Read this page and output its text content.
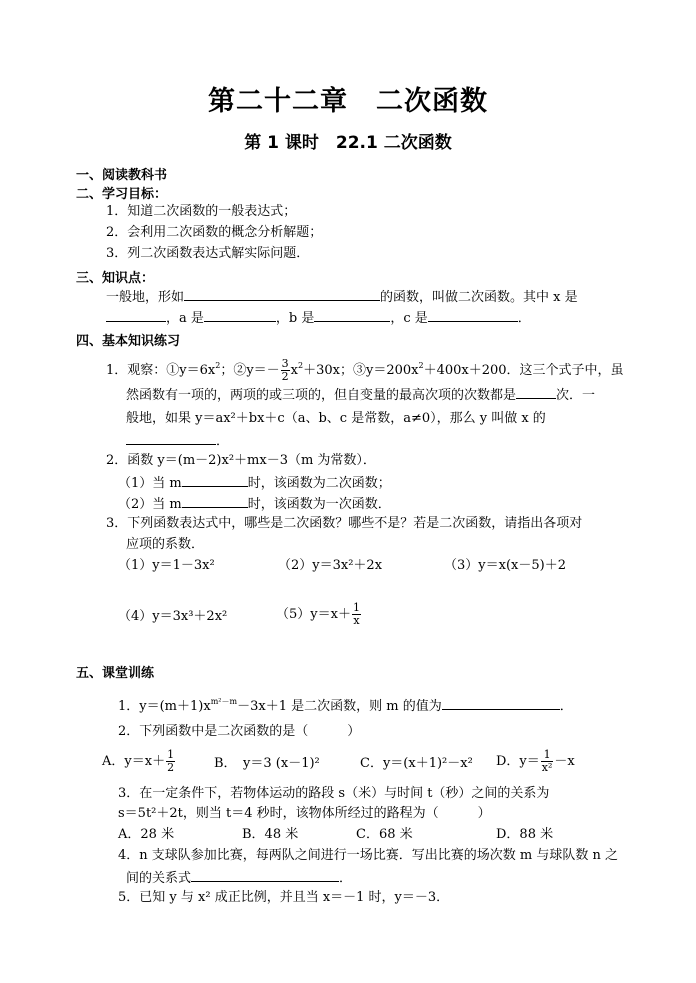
第二十二章　二次函数
第 1 课时　22.1 二次函数
一、阅读教科书
二、学习目标：
1．知道二次函数的一般表达式；
2．会利用二次函数的概念分析解题；
3．列二次函数表达式解实际问题．
三、知识点：
一般地，形如	的函数，叫做二次函数。其中 x 是
，a 是	，b 是	，c 是	．
四、基本知识练习
1．观察：$①y=6x^2$；②y＝－ $\frac{3}{2} x^2+30x$；$③y=200x^2+400x+200$．这三个式子中，虽
然函数有一项的，两项的或三项的，但自变量的最高次项的次数都是	次．一
般地，如果 y＝ax²＋bx＋c（a、b、c 是常数，a≠0），那么 y 叫做 x 的
．
2．函数 y＝(m－2)x²＋mx－3（m 为常数）．
（1）当 m	时，该函数为二次函数；
（2）当 m	时，该函数为一次函数．
3．下列函数表达式中，哪些是二次函数？哪些不是？若是二次函数，请指出各项对
应项的系数．
（1）y＝1－3x²	（2）y＝3x²＋2x	（3）y＝x(x－5)＋2
（4）y＝3x³＋2x²	$(5)y=x+ \frac{1}{x}$
五、课堂训练
1．$y=(m+1)x^{m^2-m}-3x+1$ 是二次函数，则 m 的值为	．
2．下列函数中是二次函数的是（　　　）
A．$y=x+ \frac{1}{2}$	B．　y＝3 (x－1)²	C．y＝(x＋1)²－x² D．$y= \frac{1}{\text{x²}} -x$
3．在一定条件下，若物体运动的路段 s（米）与时间 t（秒）之间的关系为
s＝5t²＋2t，则当 t＝4 秒时，该物体所经过的路程为（　　　）
A．28 米	B．48 米	C．68 米	D．88 米
4．n 支球队参加比赛，每两队之间进行一场比赛．写出比赛的场次数 m 与球队数 n 之
间的关系式	．
5．已知 y 与 x² 成正比例，并且当 x＝－1 时，y＝－3．
